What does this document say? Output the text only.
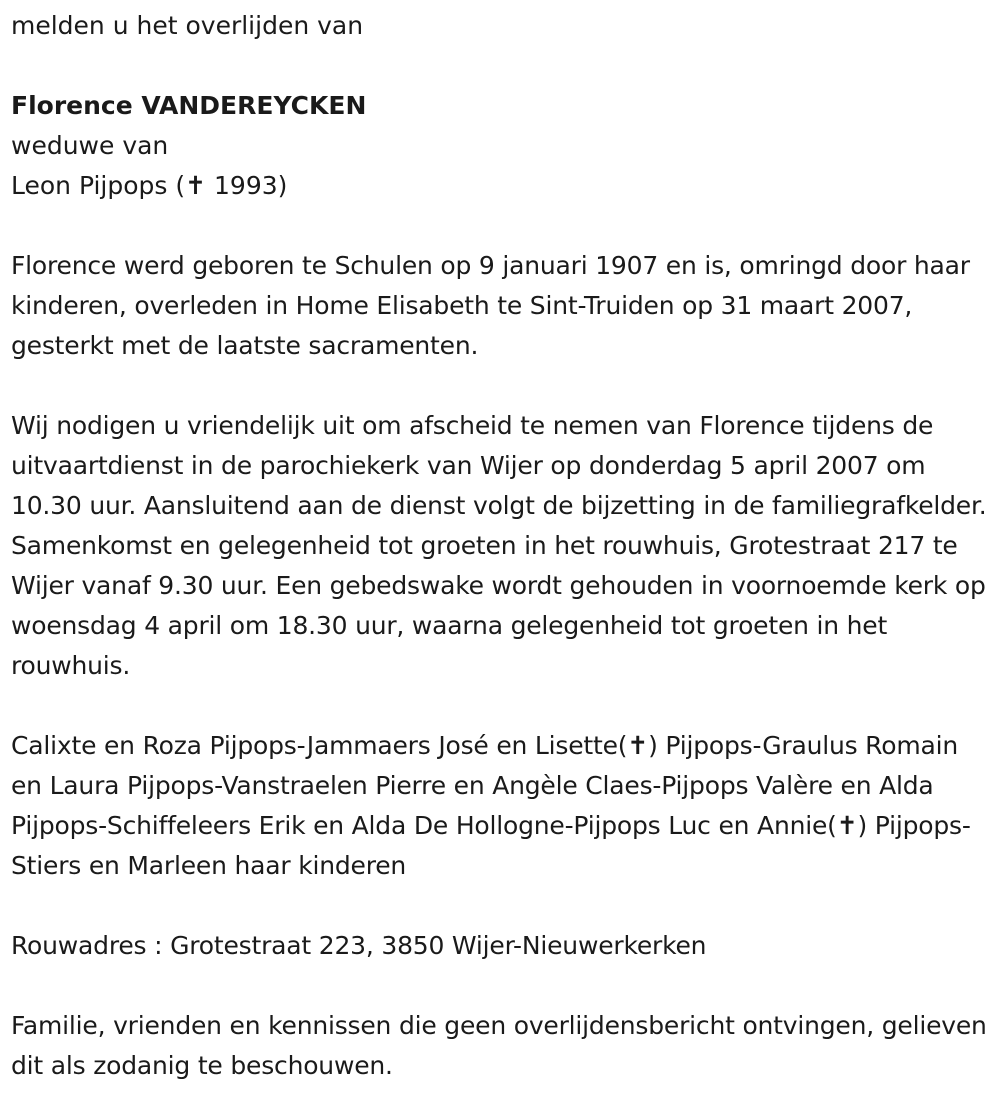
melden u het overlijden van

Florence VANDEREYCKEN

weduwe van

Leon Pijpops (✝ 1993)

Florence werd geboren te Schulen op 9 januari 1907 en is, omringd door haar kinderen, overleden in Home Elisabeth te Sint-Truiden op 31 maart 2007, gesterkt met de laatste sacramenten.

Wij nodigen u vriendelijk uit om afscheid te nemen van Florence tijdens de uitvaartdienst in de parochiekerk van Wijer op donderdag 5 april 2007 om 10.30 uur. Aansluitend aan de dienst volgt de bijzetting in de familiegrafkelder. Samenkomst en gelegenheid tot groeten in het rouwhuis, Grotestraat 217 te Wijer vanaf 9.30 uur. Een gebedswake wordt gehouden in voornoemde kerk op woensdag 4 april om 18.30 uur, waarna gelegenheid tot groeten in het rouwhuis.

Calixte en Roza Pijpops-Jammaers José en Lisette(✝) Pijpops-Graulus Romain en Laura Pijpops-Vanstraelen Pierre en Angèle Claes-Pijpops Valère en Alda Pijpops-Schiffeleers Erik en Alda De Hollogne-Pijpops Luc en Annie(✝) Pijpops-Stiers en Marleen haar kinderen

Rouwadres : Grotestraat 223, 3850 Wijer-Nieuwerkerken

Familie, vrienden en kennissen die geen overlijdensbericht ontvingen, gelieven dit als zodanig te beschouwen.
